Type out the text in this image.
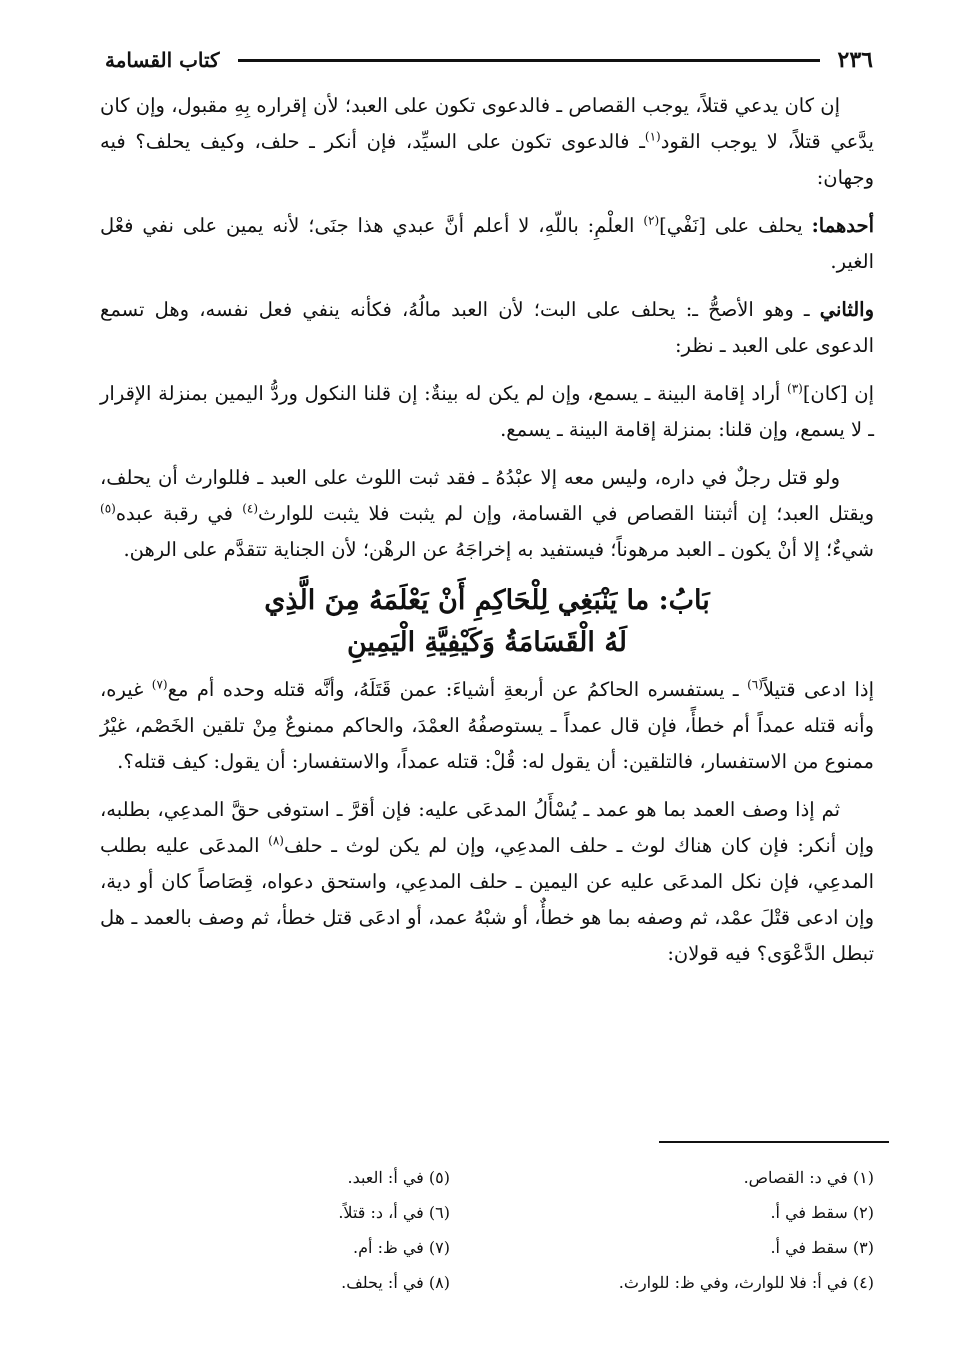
٢٣٦
كتاب القسامة

إن كان يدعي قتلاً، يوجب القصاص ـ فالدعوى تكون على العبد؛ لأن إقراره بِهِ مقبول، وإن كان يدَّعي قتلاً، لا يوجب القود$^{(١)}$ـ فالدعوى تكون على السيِّد، فإن أنكر ـ حلف، وكيف يحلف؟ فيه وجهان:

أحدهما: يحلف على [نَفْي]$^{(٢)}$ العلْمِ: باللّهِ، لا أعلم أنَّ عبدي هذا جنَى؛ لأنه يمين على نفي فعْل الغير.

والثاني ـ وهو الأصحُّ ـ: يحلف على البت؛ لأن العبد مالُهُ، فكأنه ينفي فعل نفسه، وهل تسمع الدعوى على العبد ـ نظر:

إن [كان]$^{(٣)}$ أراد إقامة البينة ـ يسمع، وإن لم يكن له بينةٌ: إن قلنا النكول وردُّ اليمين بمنزلة الإقرار ـ لا يسمع، وإن قلنا: بمنزلة إقامة البينة ـ يسمع.

ولو قتل رجلٌ في داره، وليس معه إلا عبْدُهُ ـ فقد ثبت اللوث على العبد ـ فللوارث أن يحلف، ويقتل العبد؛ إن أثبتنا القصاص في القسامة، وإن لم يثبت فلا يثبت للوارث$^{(٤)}$ في رقبة عبده$^{(٥)}$ شيءٌ؛ إلا أنْ يكون ـ العبد مرهوناً؛ فيستفيد به إخراجَهُ عن الرهْن؛ لأن الجناية تتقدَّم على الرهن.

بَابُ: ما يَنْبَغِي لِلْحَاكِمِ أَنْ يَعْلَمَهُ مِنَ الَّذِي
لَهُ الْقَسَامَةُ وَكَيْفِيَّةِ الْيَمِينِ

إذا ادعى قتيلاً$^{(٦)}$ ـ يستفسره الحاكمُ عن أربعةِ أشياءَ: عمن قَتَلَهُ، وأنَّه قتله وحده أم مع$^{(٧)}$ غيره، وأنه قتله عمداً أم خطأً، فإن قال عمداً ـ يستوصفُهُ العمْدَ، والحاكم ممنوعٌ مِنْ تلقين الخَصْم، غيْرُ ممنوع من الاستفسار، فالتلقين: أن يقول له: قُلْ: قتله عمداً، والاستفسار: أن يقول: كيف قتله؟.

ثم إذا وصف العمد بما هو عمد ـ يُسْأَلُ المدعَى عليه: فإن أقرَّ ـ استوفى حقَّ المدعِي، بطلبه، وإن أنكر: فإن كان هناك لوث ـ حلف المدعِي، وإن لم يكن لوث ـ حلف$^{(٨)}$ المدعَى عليه بطلب المدعِي، فإن نكل المدعَى عليه عن اليمين ـ حلف المدعِي، واستحق دعواه، قِصَاصاً كان أو دية، وإن ادعى قتْلَ عمْد، ثم وصفه بما هو خطأٌ، أو شبْهُ عمد، أو ادعَى قتل خطأ، ثم وصف بالعمد ـ هل تبطل الدَّعْوَى؟ فيه قولان:

(١) في د: القصاص.
(٢) سقط في أ.
(٣) سقط في أ.
(٤) في أ: فلا للوارث، وفي ظ: للوارث.
(٥) في أ: العبد.
(٦) في أ، د: قتلاً.
(٧) في ظ: أم.
(٨) في أ: يحلف.
